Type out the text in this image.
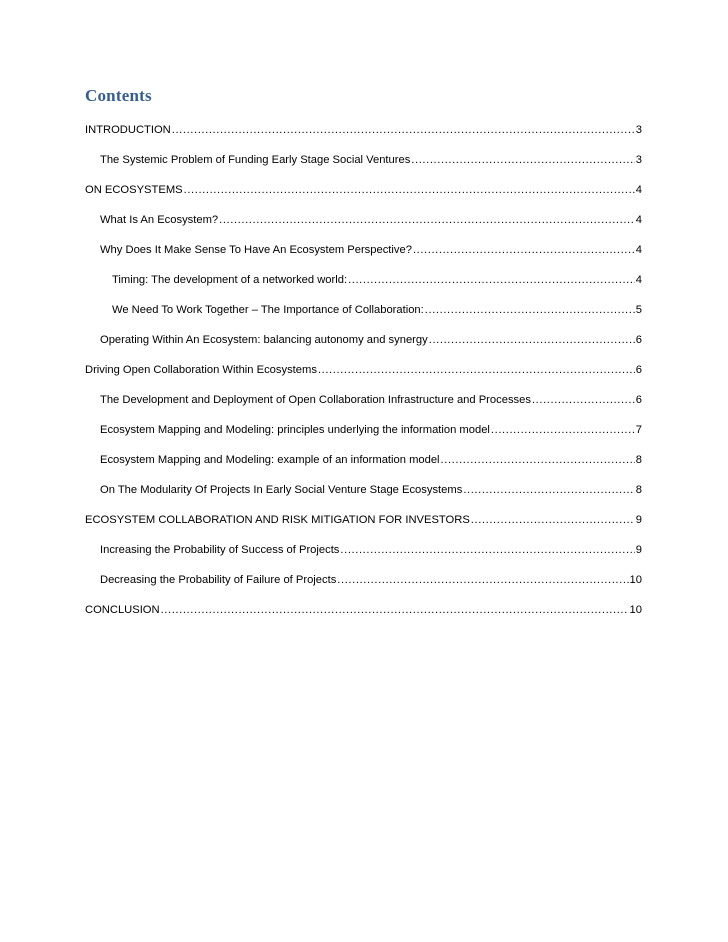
Contents
INTRODUCTION .....	3
The Systemic Problem of Funding Early Stage Social Ventures .....	3
ON ECOSYSTEMS .....	4
What Is An Ecosystem? .....	4
Why Does It Make Sense To Have An Ecosystem Perspective? .....	4
Timing: The development of a networked world: .....	4
We Need To Work Together – The Importance of Collaboration: .....	5
Operating Within An Ecosystem: balancing autonomy and synergy .....	6
Driving Open Collaboration Within Ecosystems .....	6
The Development and Deployment of Open Collaboration Infrastructure and Processes .....	6
Ecosystem Mapping and Modeling: principles underlying the information model .....	7
Ecosystem Mapping and Modeling: example of an information model .....	8
On The Modularity Of Projects In Early Social Venture Stage Ecosystems .....	8
ECOSYSTEM COLLABORATION AND RISK MITIGATION FOR INVESTORS .....	9
Increasing the Probability of Success of Projects .....	9
Decreasing the Probability of Failure of Projects .....	10
CONCLUSION .....	10
